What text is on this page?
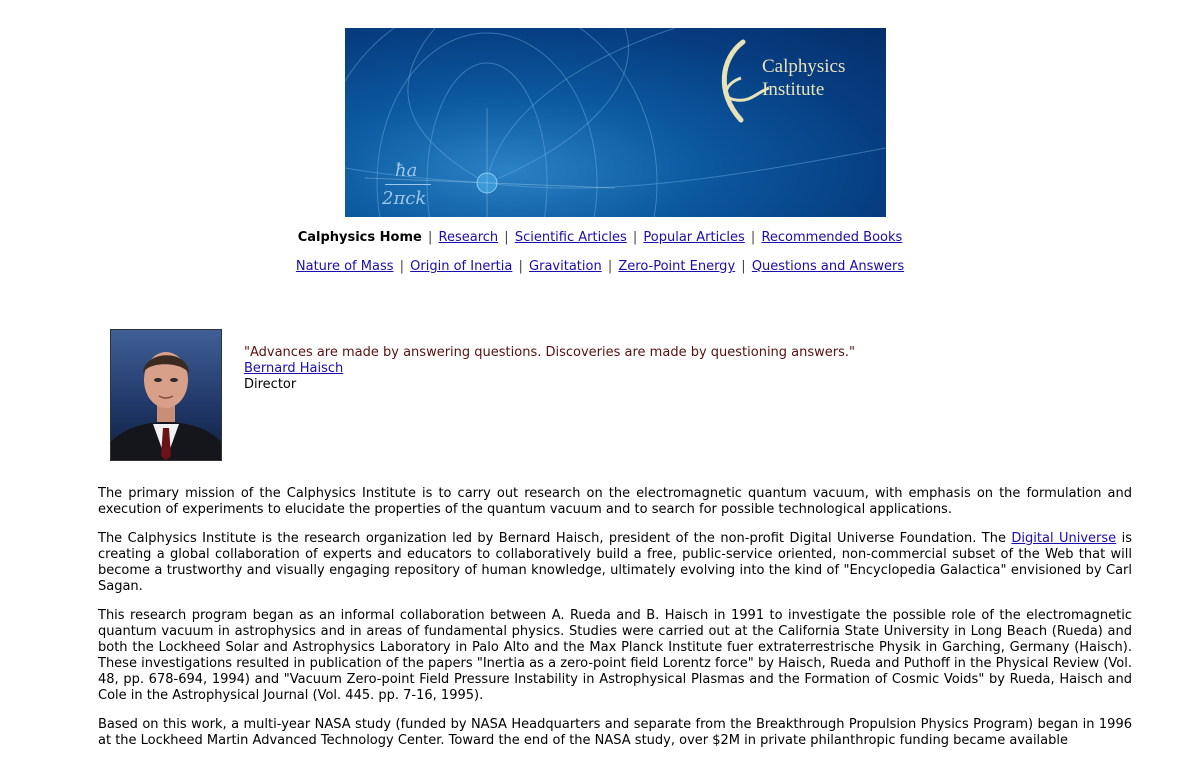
ħa
2πck
Calphysics
Institute
Calphysics Home | Research | Scientific Articles | Popular Articles | Recommended Books
Nature of Mass | Origin of Inertia | Gravitation | Zero-Point Energy | Questions and Answers
"Advances are made by answering questions. Discoveries are made by questioning answers."
Bernard Haisch
Director

The primary mission of the Calphysics Institute is to carry out research on the electromagnetic quantum vacuum, with emphasis on the formulation and execution of experiments to elucidate the properties of the quantum vacuum and to search for possible technological applications.

The Calphysics Institute is the research organization led by Bernard Haisch, president of the non-profit Digital Universe Foundation. The Digital Universe is creating a global collaboration of experts and educators to collaboratively build a free, public-service oriented, non-commercial subset of the Web that will become a trustworthy and visually engaging repository of human knowledge, ultimately evolving into the kind of "Encyclopedia Galactica" envisioned by Carl Sagan.

This research program began as an informal collaboration between A. Rueda and B. Haisch in 1991 to investigate the possible role of the electromagnetic quantum vacuum in astrophysics and in areas of fundamental physics. Studies were carried out at the California State University in Long Beach (Rueda) and both the Lockheed Solar and Astrophysics Laboratory in Palo Alto and the Max Planck Institute fuer extraterrestrische Physik in Garching, Germany (Haisch). These investigations resulted in publication of the papers "Inertia as a zero-point field Lorentz force" by Haisch, Rueda and Puthoff in the Physical Review (Vol. 48, pp. 678-694, 1994) and "Vacuum Zero-point Field Pressure Instability in Astrophysical Plasmas and the Formation of Cosmic Voids" by Rueda, Haisch and Cole in the Astrophysical Journal (Vol. 445. pp. 7-16, 1995).

Based on this work, a multi-year NASA study (funded by NASA Headquarters and separate from the Breakthrough Propulsion Physics Program) began in 1996 at the Lockheed Martin Advanced Technology Center. Toward the end of the NASA study, over $2M in private philanthropic funding became available
